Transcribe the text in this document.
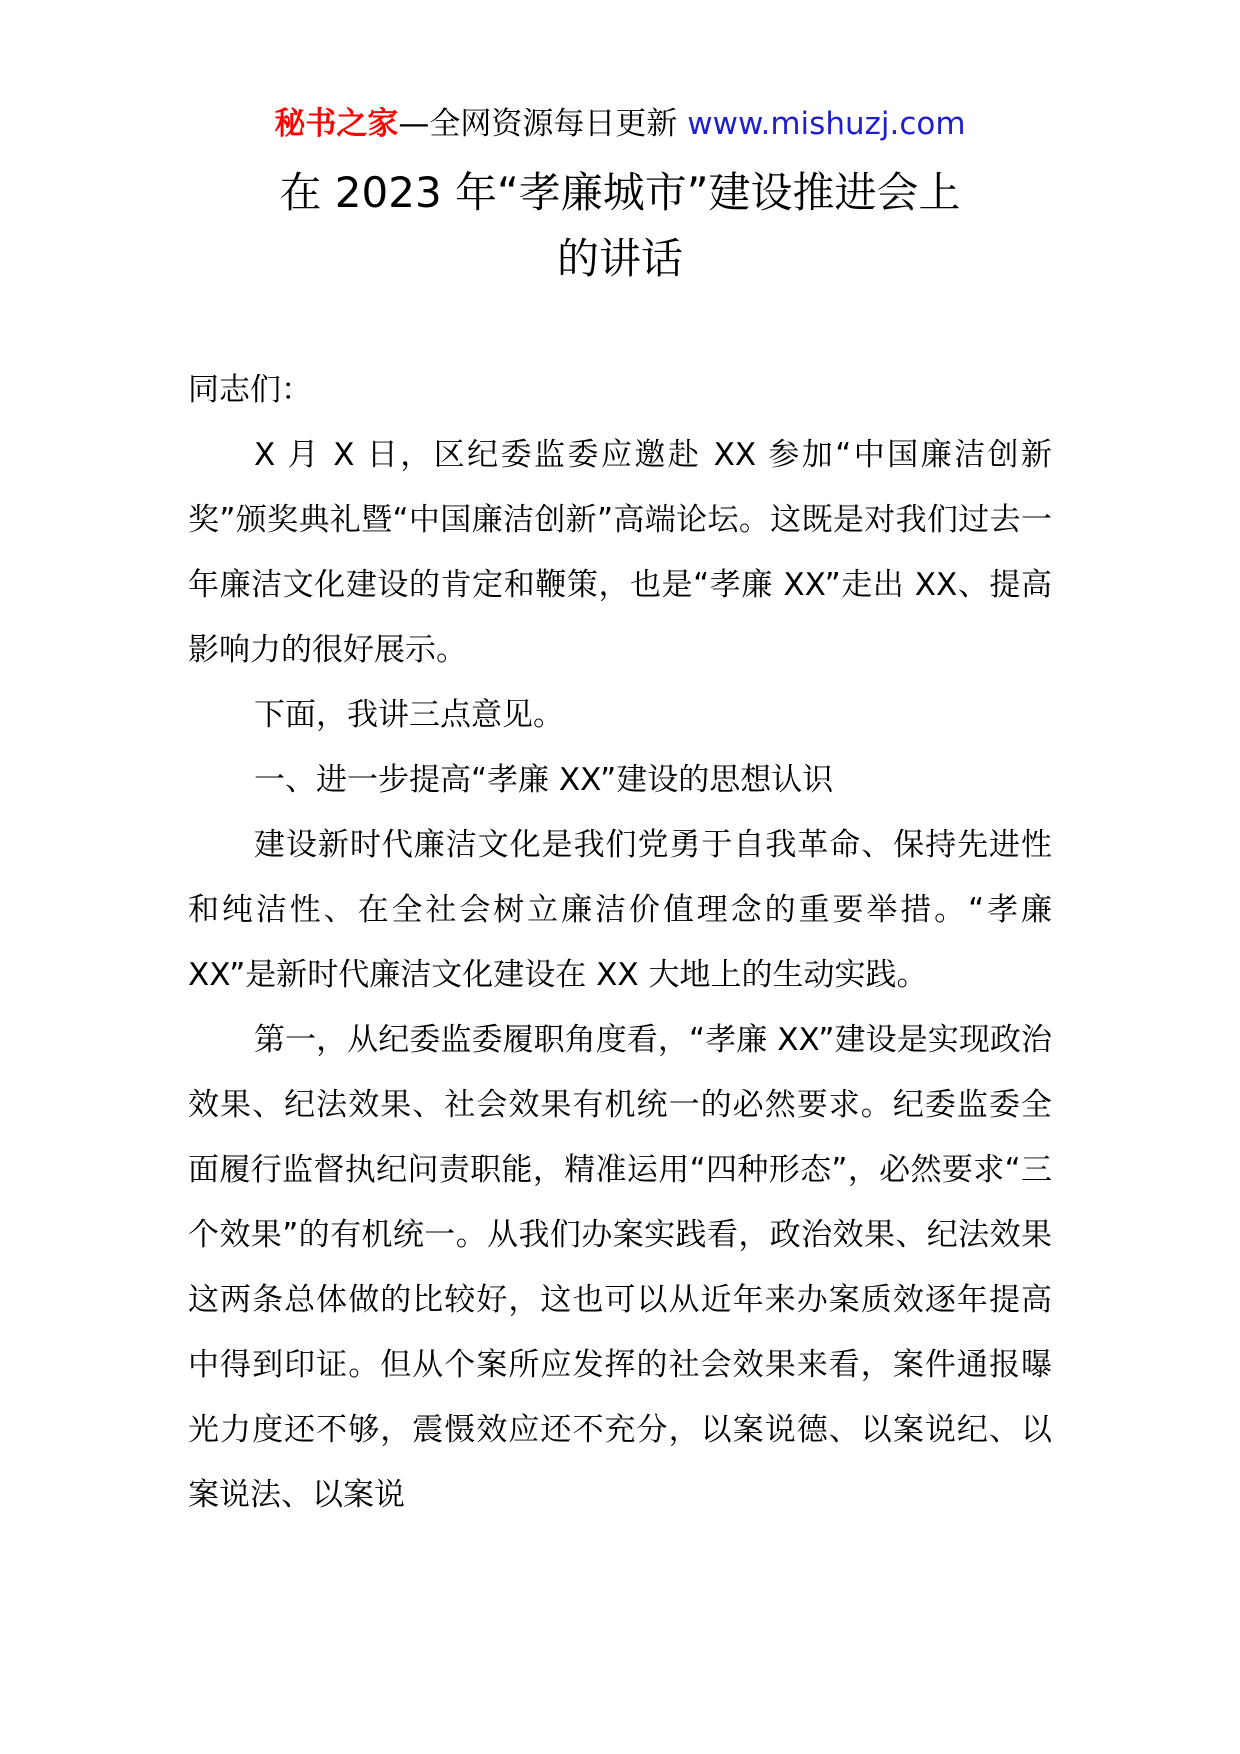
秘书之家—全网资源每日更新 www.mishuzj.com
在 2023 年“孝廉城市”建设推进会上
的讲话

同志们：

X 月 X 日，区纪委监委应邀赴 XX 参加“中国廉洁创新奖”颁奖典礼暨“中国廉洁创新”高端论坛。这既是对我们过去一年廉洁文化建设的肯定和鞭策，也是“孝廉 XX”走出 XX、提高影响力的很好展示。

下面，我讲三点意见。

一、进一步提高“孝廉 XX”建设的思想认识

建设新时代廉洁文化是我们党勇于自我革命、保持先进性和纯洁性、在全社会树立廉洁价值理念的重要举措。“孝廉 XX”是新时代廉洁文化建设在 XX 大地上的生动实践。

第一，从纪委监委履职角度看，“孝廉 XX”建设是实现政治效果、纪法效果、社会效果有机统一的必然要求。纪委监委全面履行监督执纪问责职能，精准运用“四种形态”，必然要求“三个效果”的有机统一。从我们办案实践看，政治效果、纪法效果这两条总体做的比较好，这也可以从近年来办案质效逐年提高中得到印证。但从个案所应发挥的社会效果来看，案件通报曝光力度还不够，震慑效应还不充分，以案说德、以案说纪、以案说法、以案说
